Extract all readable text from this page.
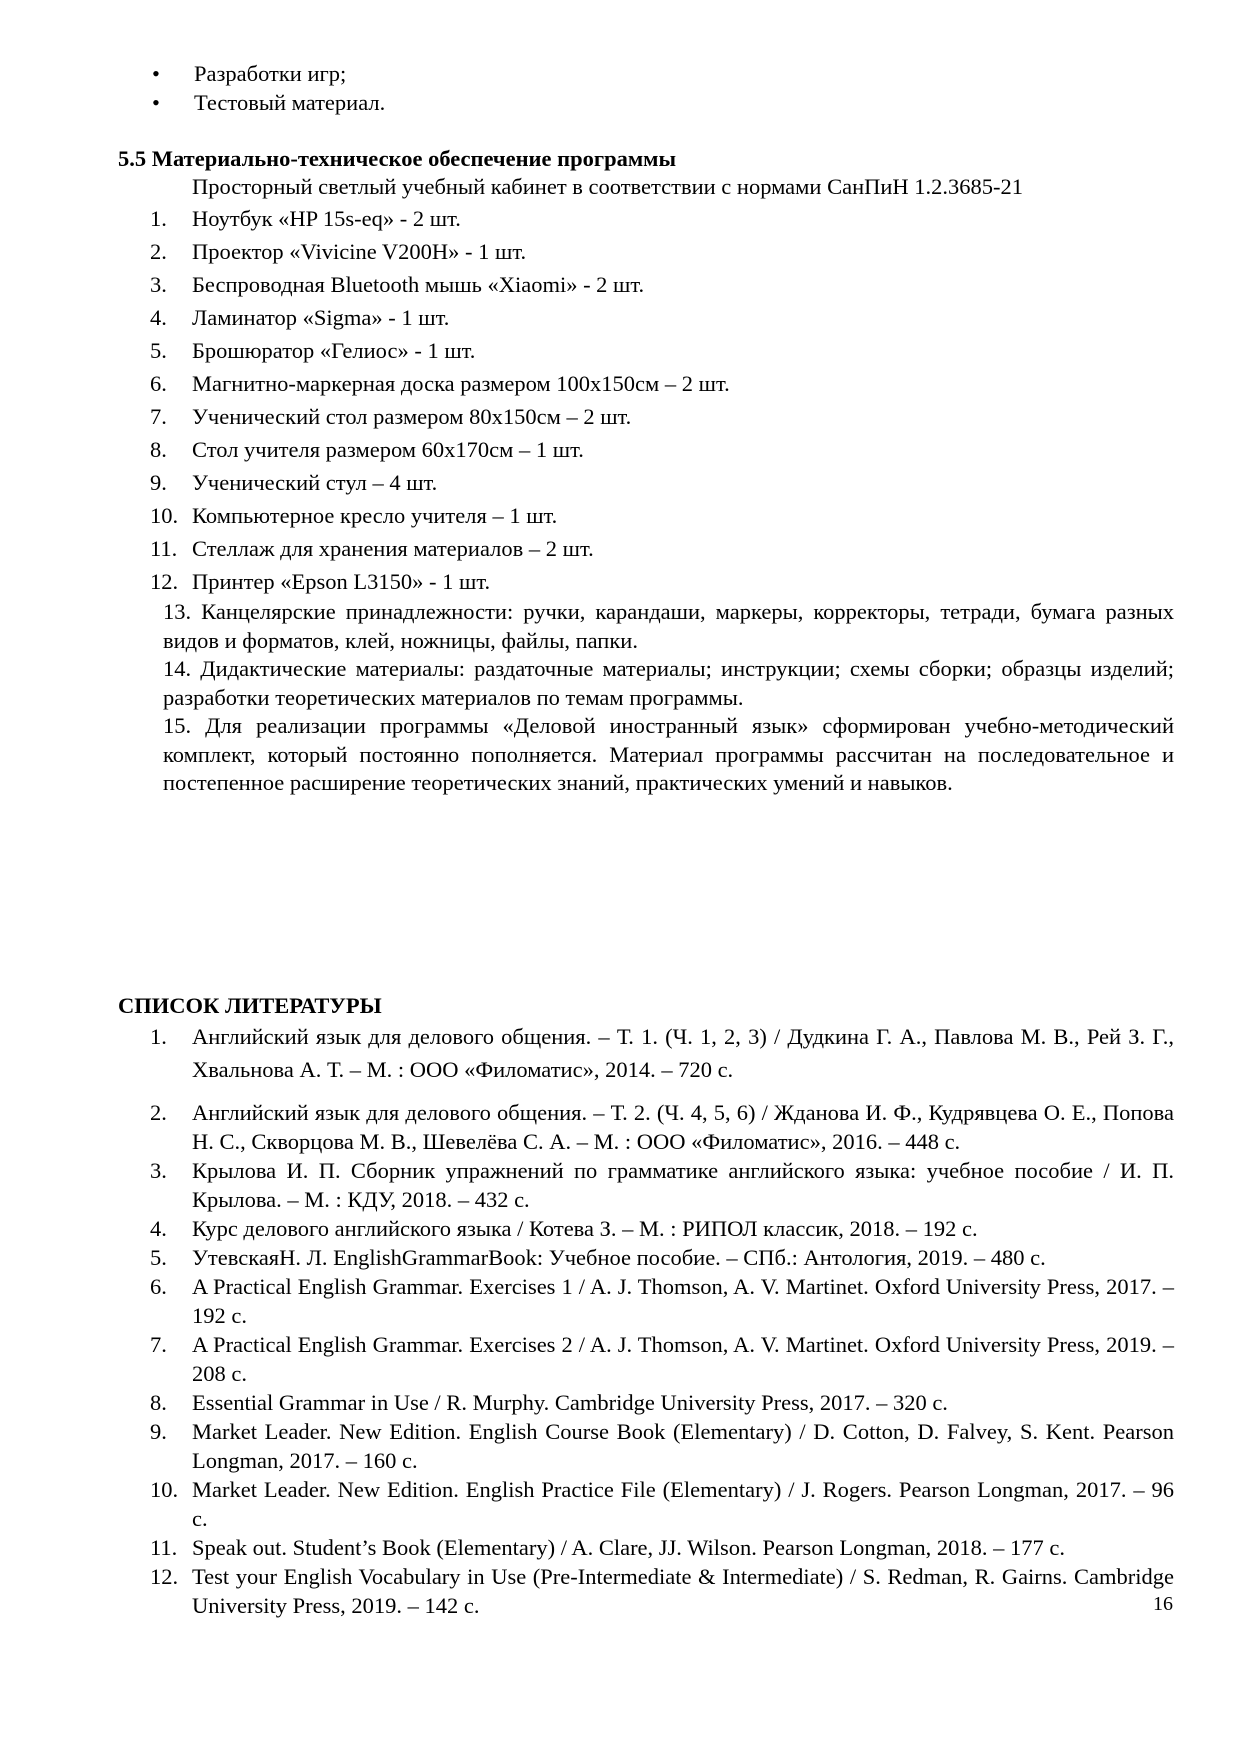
•	Разработки игр;
•	Тестовый материал.
5.5 Материально-техническое обеспечение программы
Просторный светлый учебный кабинет в соответствии с нормами СанПиН 1.2.3685-21
1.	Ноутбук «HP 15s-eq» - 2 шт.
2.	Проектор «Vivicine V200H» - 1 шт.
3.	Беспроводная Bluetooth мышь «Xiaomi» - 2 шт.
4.	Ламинатор «Sigma» - 1 шт.
5.	Брошюратор «Гелиос» - 1 шт.
6.	Магнитно-маркерная доска размером 100х150см – 2 шт.
7.	Ученический стол размером 80х150см – 2 шт.
8.	Стол учителя размером 60х170см – 1 шт.
9.	Ученический стул – 4 шт.
10. Компьютерное кресло учителя – 1 шт.
11. Стеллаж для хранения материалов – 2 шт.
12. Принтер «Epson L3150» - 1 шт.

13. Канцелярские принадлежности: ручки, карандаши, маркеры, корректоры, тетради, бумага разных видов и форматов, клей, ножницы, файлы, папки.

14. Дидактические материалы: раздаточные материалы; инструкции; схемы сборки; образцы изделий; разработки теоретических материалов по темам программы.

15. Для реализации программы «Деловой иностранный язык» сформирован учебно-методический комплект, который постоянно пополняется. Материал программы рассчитан на последовательное и постепенное расширение теоретических знаний, практических умений и навыков.

СПИСОК ЛИТЕРАТУРЫ
1.	Английский язык для делового общения. – Т. 1. (Ч. 1, 2, 3) / Дудкина Г. А., Павлова М. В., Рей З. Г., Хвальнова А. Т. – М. : ООО «Филоматис», 2014. – 720 с.
2.	Английский язык для делового общения. – Т. 2. (Ч. 4, 5, 6) / Жданова И. Ф., Кудрявцева О. Е., Попова Н. С., Скворцова М. В., Шевелёва С. А. – М. : ООО «Филоматис», 2016. – 448 с.
3.	Крылова И. П. Сборник упражнений по грамматике английского языка: учебное пособие / И. П. Крылова. – М. : КДУ, 2018. – 432 с.
4.	Курс делового английского языка / Котева З. – М. : РИПОЛ классик, 2018. – 192 с.
5.	УтевскаяН. Л. EnglishGrammarBook: Учебное пособие. – СПб.: Антология, 2019. – 480 с.
6.	A Practical English Grammar. Exercises 1 / A. J. Thomson, A. V. Martinet. Oxford University Press, 2017. – 192 с.
7.	A Practical English Grammar. Exercises 2 / A. J. Thomson, A. V. Martinet. Oxford University Press, 2019. – 208 с.
8.	Essential Grammar in Use / R. Murphy. Cambridge University Press, 2017. – 320 с.
9.	Market Leader. New Edition. English Course Book (Elementary) / D. Cotton, D. Falvey, S. Kent. Pearson Longman, 2017. – 160 с.
10. Market Leader. New Edition. English Practice File (Elementary) / J. Rogers. Pearson Longman, 2017. – 96 с.
11. Speak out. Student’s Book (Elementary) / A. Clare, JJ. Wilson. Pearson Longman, 2018. – 177 с.
12. Test your English Vocabulary in Use (Pre-Intermediate & Intermediate) / S. Redman, R. Gairns. Cambridge University Press, 2019. – 142 с.	16
